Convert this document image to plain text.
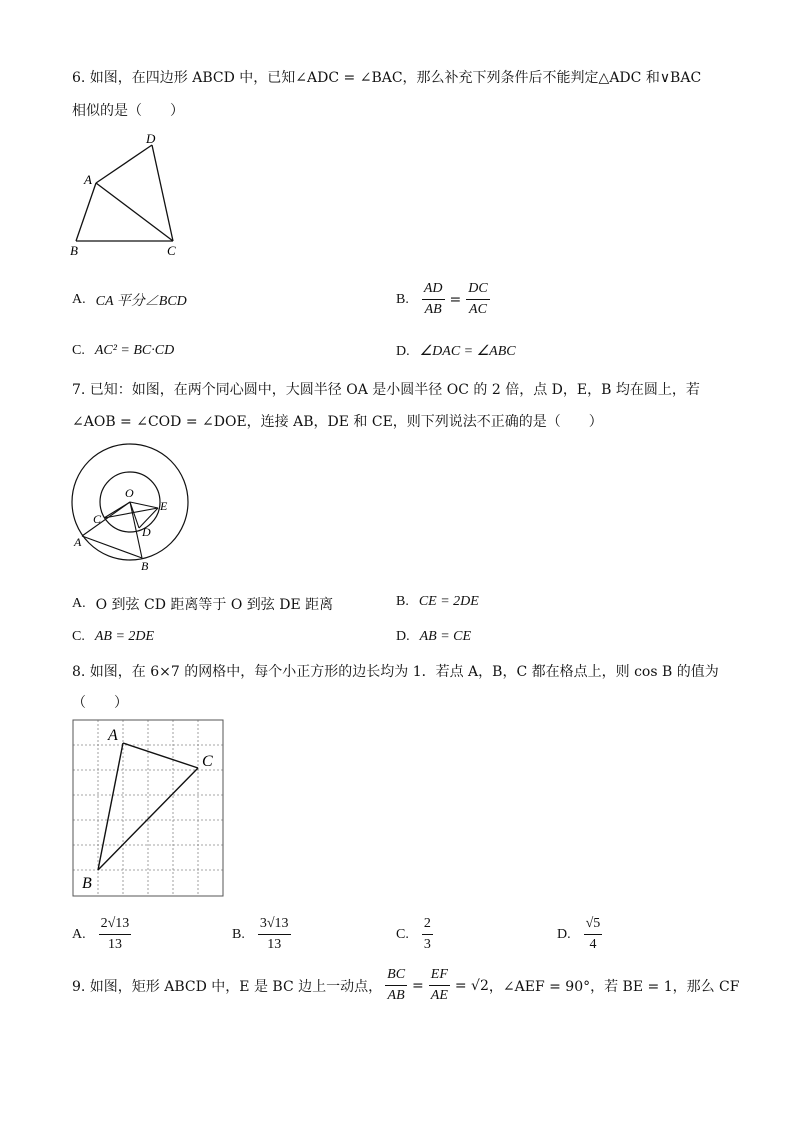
6. 如图，在四边形 ABCD 中，已知∠ADC = ∠BAC，那么补充下列条件后不能判定△ADC 和∨BAC
相似的是（　　）
A
D
B	C
A. CA 平分∠BCD	B. $\frac{AD}{AB} = \frac{DC}{AC}$
C. AC² = BC·CD	D. ∠DAC = ∠ABC
7. 已知：如图，在两个同心圆中，大圆半径 OA 是小圆半径 OC 的 2 倍，点 D，E，B 均在圆上，若
∠AOB = ∠COD = ∠DOE，连接 AB，DE 和 CE，则下列说法不正确的是（　　）
O
E
C
D
A
B
A. O 到弦 CD 距离等于 O 到弦 DE 距离	B. CE = 2DE
C. AB = 2DE	D. AB = CE
8. 如图，在 6×7 的网格中，每个小正方形的边长均为 1．若点 A，B，C 都在格点上，则 cos B 的值为
（　　）
A
C
B
A. $\frac{2√13}{13}$	B. $\frac{3√13}{13}$	C. $\frac{2}{3}$	D. $\frac{√5}{4}$
9. 如图，矩形 ABCD 中，E 是 BC 边上一动点， $\frac{BC}{AB} = \frac{EF}{AE} = √2$ ，∠AEF = 90°，若 BE = 1，那么 CF
